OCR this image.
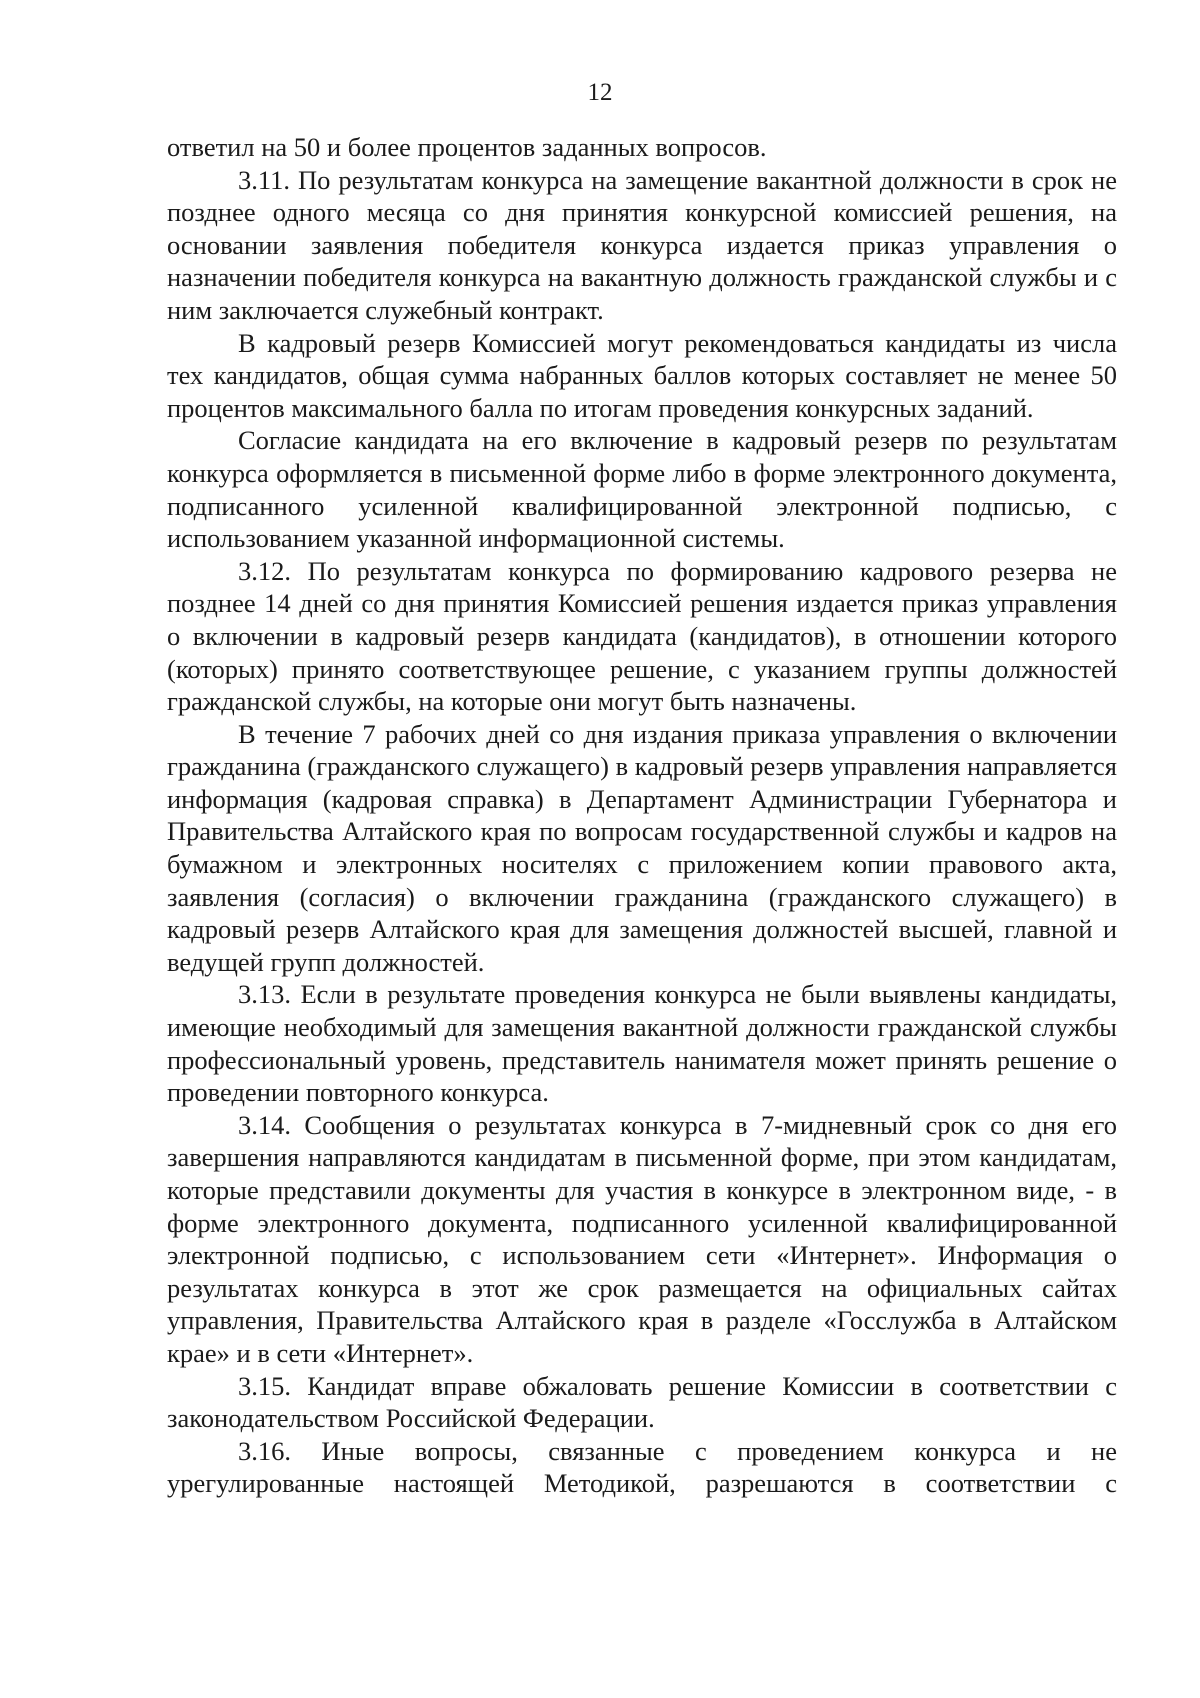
12

ответил на 50 и более процентов заданных вопросов.

3.11. По результатам конкурса на замещение вакантной должности в срок не позднее одного месяца со дня принятия конкурсной комиссией решения, на основании заявления победителя конкурса издается приказ управления о назначении победителя конкурса на вакантную должность гражданской службы и с ним заключается служебный контракт.

В кадровый резерв Комиссией могут рекомендоваться кандидаты из числа тех кандидатов, общая сумма набранных баллов которых составляет не менее 50 процентов максимального балла по итогам проведения конкурсных заданий.

Согласие кандидата на его включение в кадровый резерв по результатам конкурса оформляется в письменной форме либо в форме электронного документа, подписанного усиленной квалифицированной электронной подписью, с использованием указанной информационной системы.

3.12. По результатам конкурса по формированию кадрового резерва не позднее 14 дней со дня принятия Комиссией решения издается приказ управления о включении в кадровый резерв кандидата (кандидатов), в отношении которого (которых) принято соответствующее решение, с указанием группы должностей гражданской службы, на которые они могут быть назначены.

В течение 7 рабочих дней со дня издания приказа управления о включении гражданина (гражданского служащего) в кадровый резерв управления направляется информация (кадровая справка) в Департамент Администрации Губернатора и Правительства Алтайского края по вопросам государственной службы и кадров на бумажном и электронных носителях с приложением копии правового акта, заявления (согласия) о включении гражданина (гражданского служащего) в кадровый резерв Алтайского края для замещения должностей высшей, главной и ведущей групп должностей.

3.13. Если в результате проведения конкурса не были выявлены кандидаты, имеющие необходимый для замещения вакантной должности гражданской службы профессиональный уровень, представитель нанимателя может принять решение о проведении повторного конкурса.

3.14. Сообщения о результатах конкурса в 7-мидневный срок со дня его завершения направляются кандидатам в письменной форме, при этом кандидатам, которые представили документы для участия в конкурсе в электронном виде, - в форме электронного документа, подписанного усиленной квалифицированной электронной подписью, с использованием сети «Интернет». Информация о результатах конкурса в этот же срок размещается на официальных сайтах управления, Правительства Алтайского края в разделе «Госслужба в Алтайском крае» и в сети «Интернет».

3.15. Кандидат вправе обжаловать решение Комиссии в соответствии с законодательством Российской Федерации.

3.16. Иные вопросы, связанные с проведением конкурса и не урегулированные настоящей Методикой, разрешаются в соответствии с
